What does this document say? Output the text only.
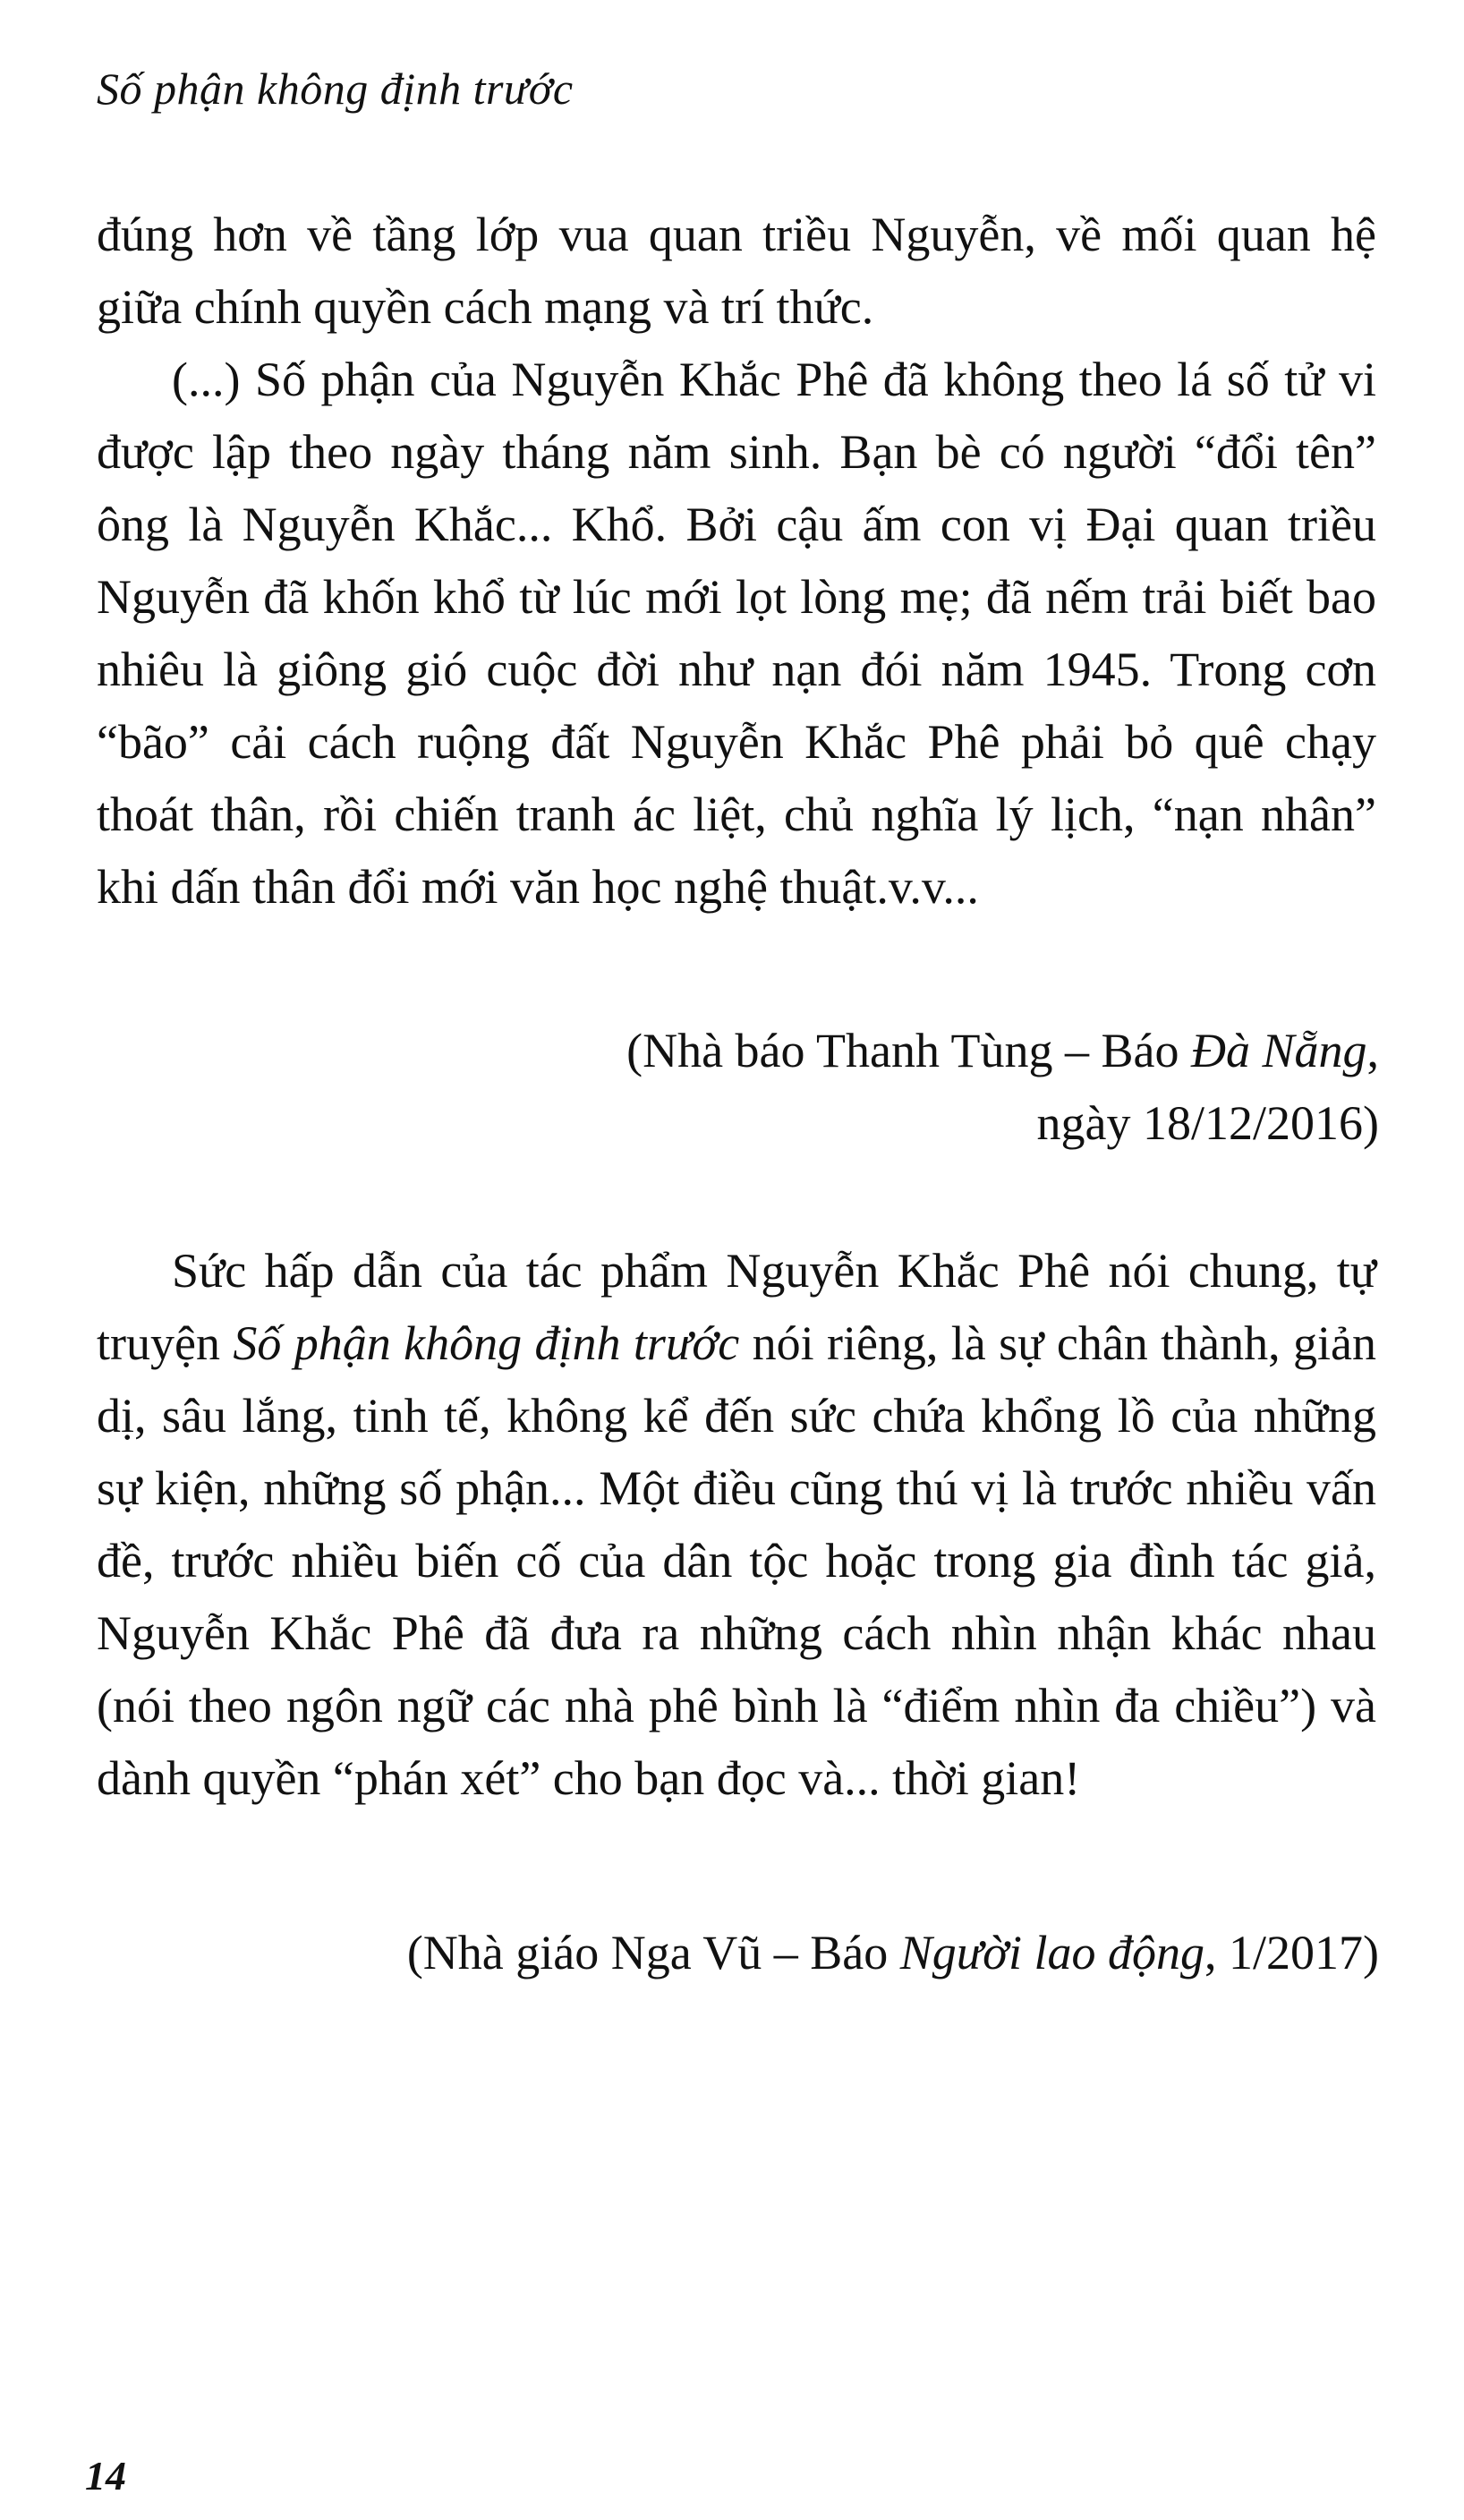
Số phận không định trước

đúng hơn về tầng lớp vua quan triều Nguyễn, về mối quan hệ giữa chính quyền cách mạng và trí thức.

(...) Số phận của Nguyễn Khắc Phê đã không theo lá số tử vi được lập theo ngày tháng năm sinh. Bạn bè có người “đổi tên” ông là Nguyễn Khắc... Khổ. Bởi cậu ấm con vị Đại quan triều Nguyễn đã khốn khổ từ lúc mới lọt lòng mẹ; đã nếm trải biết bao nhiêu là giông gió cuộc đời như nạn đói năm 1945. Trong cơn “bão” cải cách ruộng đất Nguyễn Khắc Phê phải bỏ quê chạy thoát thân, rồi chiến tranh ác liệt, chủ nghĩa lý lịch, “nạn nhân” khi dấn thân đổi mới văn học nghệ thuật.v.v...

(Nhà báo Thanh Tùng – Báo Đà Nẵng,
ngày 18/12/2016)

Sức hấp dẫn của tác phẩm Nguyễn Khắc Phê nói chung, tự truyện Số phận không định trước nói riêng, là sự chân thành, giản dị, sâu lắng, tinh tế, không kể đến sức chứa khổng lồ của những sự kiện, những số phận... Một điều cũng thú vị là trước nhiều vấn đề, trước nhiều biến cố của dân tộc hoặc trong gia đình tác giả, Nguyễn Khắc Phê đã đưa ra những cách nhìn nhận khác nhau (nói theo ngôn ngữ các nhà phê bình là “điểm nhìn đa chiều”) và dành quyền “phán xét” cho bạn đọc và... thời gian!

(Nhà giáo Nga Vũ – Báo Người lao động, 1/2017)

14
